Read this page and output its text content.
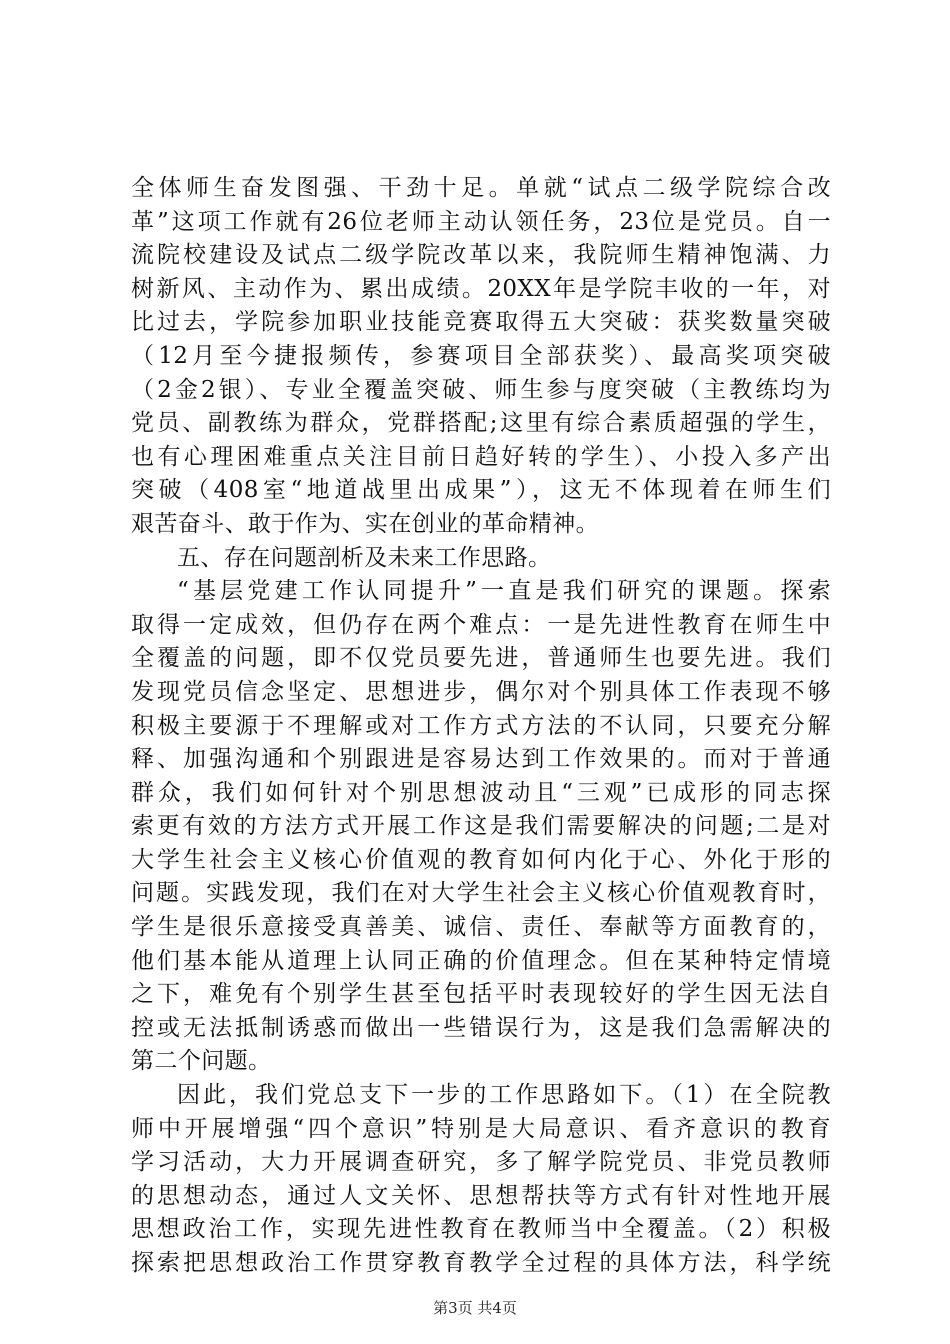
全体师生奋发图强、干劲十足。单就“试点二级学院综合改
革”这项工作就有26位老师主动认领任务，23位是党员。自一
流院校建设及试点二级学院改革以来，我院师生精神饱满、力
树新风、主动作为、累出成绩。20XX年是学院丰收的一年，对
比过去，学院参加职业技能竞赛取得五大突破：获奖数量突破
（12月至今捷报频传，参赛项目全部获奖）、最高奖项突破
（2金2银）、专业全覆盖突破、师生参与度突破（主教练均为
党员、副教练为群众，党群搭配;这里有综合素质超强的学生，
也有心理困难重点关注目前日趋好转的学生）、小投入多产出
突破（408室“地道战里出成果”），这无不体现着在师生们
艰苦奋斗、敢于作为、实在创业的革命精神。
五、存在问题剖析及未来工作思路。
“基层党建工作认同提升”一直是我们研究的课题。探索
取得一定成效，但仍存在两个难点：一是先进性教育在师生中
全覆盖的问题，即不仅党员要先进，普通师生也要先进。我们
发现党员信念坚定、思想进步，偶尔对个别具体工作表现不够
积极主要源于不理解或对工作方式方法的不认同，只要充分解
释、加强沟通和个别跟进是容易达到工作效果的。而对于普通
群众，我们如何针对个别思想波动且“三观”已成形的同志探
索更有效的方法方式开展工作这是我们需要解决的问题;二是对
大学生社会主义核心价值观的教育如何内化于心、外化于形的
问题。实践发现，我们在对大学生社会主义核心价值观教育时，
学生是很乐意接受真善美、诚信、责任、奉献等方面教育的，
他们基本能从道理上认同正确的价值理念。但在某种特定情境
之下，难免有个别学生甚至包括平时表现较好的学生因无法自
控或无法抵制诱惑而做出一些错误行为，这是我们急需解决的
第二个问题。
因此，我们党总支下一步的工作思路如下。（1）在全院教
师中开展增强“四个意识”特别是大局意识、看齐意识的教育
学习活动，大力开展调查研究，多了解学院党员、非党员教师
的思想动态，通过人文关怀、思想帮扶等方式有针对性地开展
思想政治工作，实现先进性教育在教师当中全覆盖。（2）积极
探索把思想政治工作贯穿教育教学全过程的具体方法，科学统
第3页 共4页
